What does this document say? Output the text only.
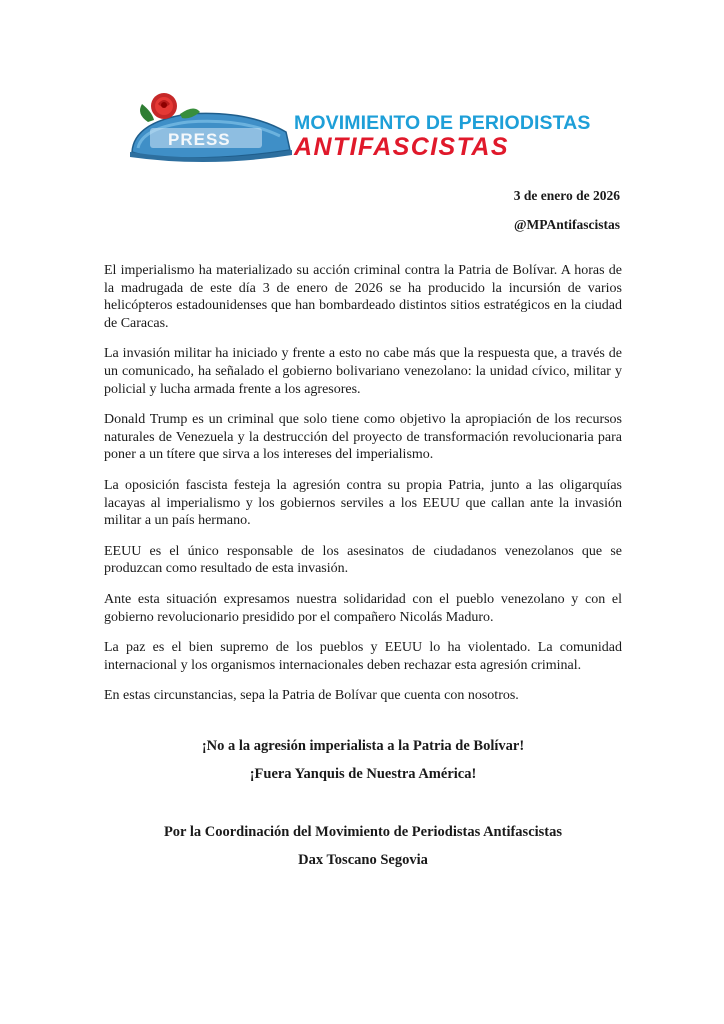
PRESS
MOVIMIENTO DE PERIODISTAS
ANTIFASCISTAS
3 de enero de 2026
@MPAntifascistas

El imperialismo ha materializado su acción criminal contra la Patria de Bolívar. A horas de la madrugada de este día 3 de enero de 2026 se ha producido la incursión de varios helicópteros estadounidenses que han bombardeado distintos sitios estratégicos en la ciudad de Caracas.

La invasión militar ha iniciado y frente a esto no cabe más que la respuesta que, a través de un comunicado, ha señalado el gobierno bolivariano venezolano: la unidad cívico, militar y policial y lucha armada frente a los agresores.

Donald Trump es un criminal que solo tiene como objetivo la apropiación de los recursos naturales de Venezuela y la destrucción del proyecto de transformación revolucionaria para poner a un títere que sirva a los intereses del imperialismo.

La oposición fascista festeja la agresión contra su propia Patria, junto a las oligarquías lacayas al imperialismo y los gobiernos serviles a los EEUU que callan ante la invasión militar a un país hermano.

EEUU es el único responsable de los asesinatos de ciudadanos venezolanos que se produzcan como resultado de esta invasión.

Ante esta situación expresamos nuestra solidaridad con el pueblo venezolano y con el gobierno revolucionario presidido por el compañero Nicolás Maduro.

La paz es el bien supremo de los pueblos y EEUU lo ha violentado. La comunidad internacional y los organismos internacionales deben rechazar esta agresión criminal.

En estas circunstancias, sepa la Patria de Bolívar que cuenta con nosotros.

¡No a la agresión imperialista a la Patria de Bolívar!
¡Fuera Yanquis de Nuestra América!
Por la Coordinación del Movimiento de Periodistas Antifascistas
Dax Toscano Segovia
